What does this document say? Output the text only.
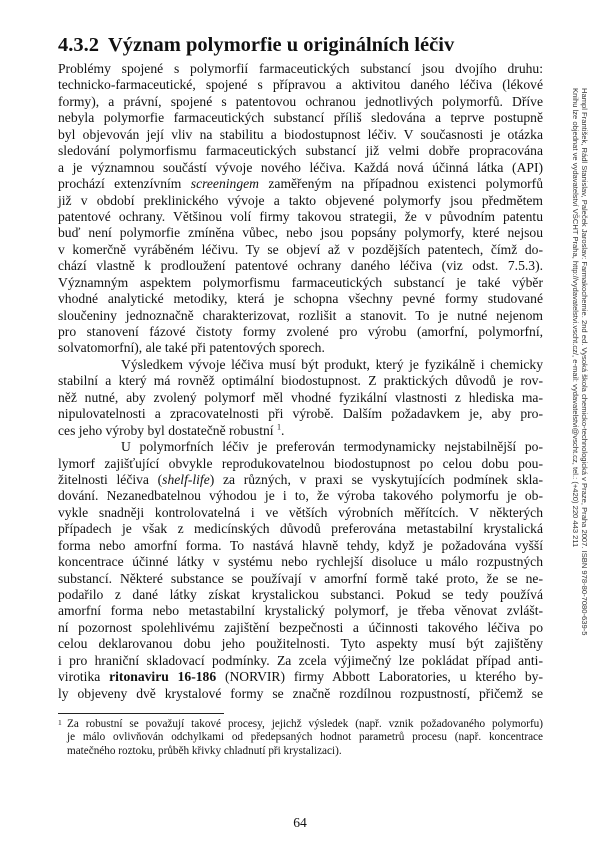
4.3.2 Význam polymorfie u originálních léčiv
Problémy spojené s polymorfií farmaceutických substancí jsou dvojího druhu:
technicko-farmaceutické, spojené s přípravou a aktivitou daného léčiva (lékové
formy), a právní, spojené s patentovou ochranou jednotlivých polymorfů. Dříve
nebyla polymorfie farmaceutických substancí příliš sledována a teprve postupně
byl objevován její vliv na stabilitu a biodostupnost léčiv. V současnosti je otázka
sledování polymorfismu farmaceutických substancí již velmi dobře propracována
a je významnou součástí vývoje nového léčiva. Každá nová účinná látka (API)
prochází extenzívním screeningem zaměřeným na případnou existenci polymorfů
již v období preklinického vývoje a takto objevené polymorfy jsou předmětem
patentové ochrany. Většinou volí firmy takovou strategii, že v původním patentu
buď není polymorfie zmíněna vůbec, nebo jsou popsány polymorfy, které nejsou
v komerčně vyráběném léčivu. Ty se objeví až v pozdějších patentech, čímž do-
chází vlastně k prodloužení patentové ochrany daného léčiva (viz odst. 7.5.3).
Významným aspektem polymorfismu farmaceutických substancí je také výběr
vhodné analytické metodiky, která je schopna všechny pevné formy studované
sloučeniny jednoznačně charakterizovat, rozlišit a stanovit. To je nutné nejenom
pro stanovení fázové čistoty formy zvolené pro výrobu (amorfní, polymorfní,
solvatomorfní), ale také při patentových sporech.
Výsledkem vývoje léčiva musí být produkt, který je fyzikálně i chemicky
stabilní a který má rovněž optimální biodostupnost. Z praktických důvodů je rov-
něž nutné, aby zvolený polymorf měl vhodné fyzikální vlastnosti z hlediska ma-
nipulovatelnosti a zpracovatelnosti při výrobě. Dalším požadavkem je, aby pro-
ces jeho výroby byl dostatečně robustní $^1$.
U polymorfních léčiv je preferován termodynamicky nejstabilnější po-
lymorf zajišťující obvykle reprodukovatelnou biodostupnost po celou dobu pou-
žitelnosti léčiva (shelf-life) za různých, v praxi se vyskytujících podmínek skla-
dování. Nezanedbatelnou výhodou je i to, že výroba takového polymorfu je ob-
vykle snadněji kontrolovatelná i ve větších výrobních měřítcích. V některých
případech je však z medicínských důvodů preferována metastabilní krystalická
forma nebo amorfní forma. To nastává hlavně tehdy, když je požadována vyšší
koncentrace účinné látky v systému nebo rychlejší disoluce u málo rozpustných
substancí. Některé substance se používají v amorfní formě také proto, že se ne-
podařilo z dané látky získat krystalickou substanci. Pokud se tedy používá
amorfní forma nebo metastabilní krystalický polymorf, je třeba věnovat zvlášt-
ní pozornost spolehlivému zajištění bezpečnosti a účinnosti takového léčiva po
celou deklarovanou dobu jeho použitelnosti. Tyto aspekty musí být zajištěny
i pro hraniční skladovací podmínky. Za zcela výjimečný lze pokládat případ anti-
virotika ritonaviru 16-186 (NORVIR) firmy Abbott Laboratories, u kterého by-
ly objeveny dvě krystalové formy se značně rozdílnou rozpustností, přičemž se
1 Za robustní se považují takové procesy, jejichž výsledek (např. vznik požadovaného polymorfu)
je málo ovlivňován odchylkami od předepsaných hodnot parametrů procesu (např. koncentrace
matečného roztoku, průběh křivky chladnutí při krystalizaci).
64
Hampl František, Rádl Stanislav, Paleček Jaroslav: Farmakochemie. 2nd ed. Vysoká škola chemicko-technologická v Praze, Praha 2007. ISBN 978-80-7080-639-5
Knihu lze objednat ve vydavatelství VŠCHT Praha, http://vydavatelstvi.vscht.cz/, e-mail: vydavatelstvi@vscht.cz, tel.: (+420) 220 443 211
